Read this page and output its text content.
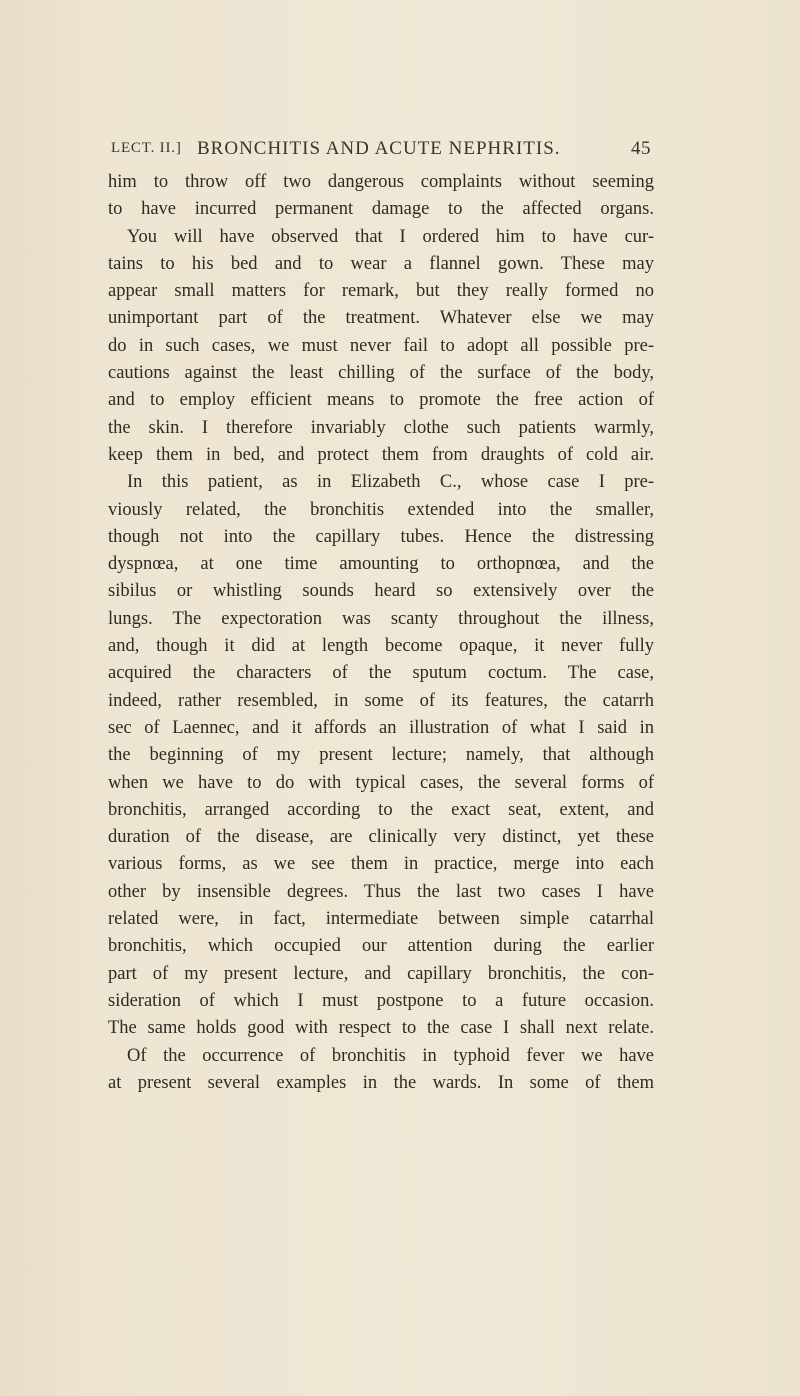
LECT. II.] BRONCHITIS AND ACUTE NEPHRITIS.	45
him to throw off two dangerous complaints without seeming
to have incurred permanent damage to the affected organs.
You will have observed that I ordered him to have cur-
tains to his bed and to wear a flannel gown. These may
appear small matters for remark, but they really formed no
unimportant part of the treatment. Whatever else we may
do in such cases, we must never fail to adopt all possible pre-
cautions against the least chilling of the surface of the body,
and to employ efficient means to promote the free action of
the skin. I therefore invariably clothe such patients warmly,
keep them in bed, and protect them from draughts of cold air.
In this patient, as in Elizabeth C., whose case I pre-
viously related, the bronchitis extended into the smaller,
though not into the capillary tubes. Hence the distressing
dyspnœa, at one time amounting to orthopnœa, and the
sibilus or whistling sounds heard so extensively over the
lungs. The expectoration was scanty throughout the illness,
and, though it did at length become opaque, it never fully
acquired the characters of the sputum coctum. The case,
indeed, rather resembled, in some of its features, the catarrh
sec of Laennec, and it affords an illustration of what I said in
the beginning of my present lecture; namely, that although
when we have to do with typical cases, the several forms of
bronchitis, arranged according to the exact seat, extent, and
duration of the disease, are clinically very distinct, yet these
various forms, as we see them in practice, merge into each
other by insensible degrees. Thus the last two cases I have
related were, in fact, intermediate between simple catarrhal
bronchitis, which occupied our attention during the earlier
part of my present lecture, and capillary bronchitis, the con-
sideration of which I must postpone to a future occasion.
The same holds good with respect to the case I shall next relate.
Of the occurrence of bronchitis in typhoid fever we have
at present several examples in the wards. In some of them
